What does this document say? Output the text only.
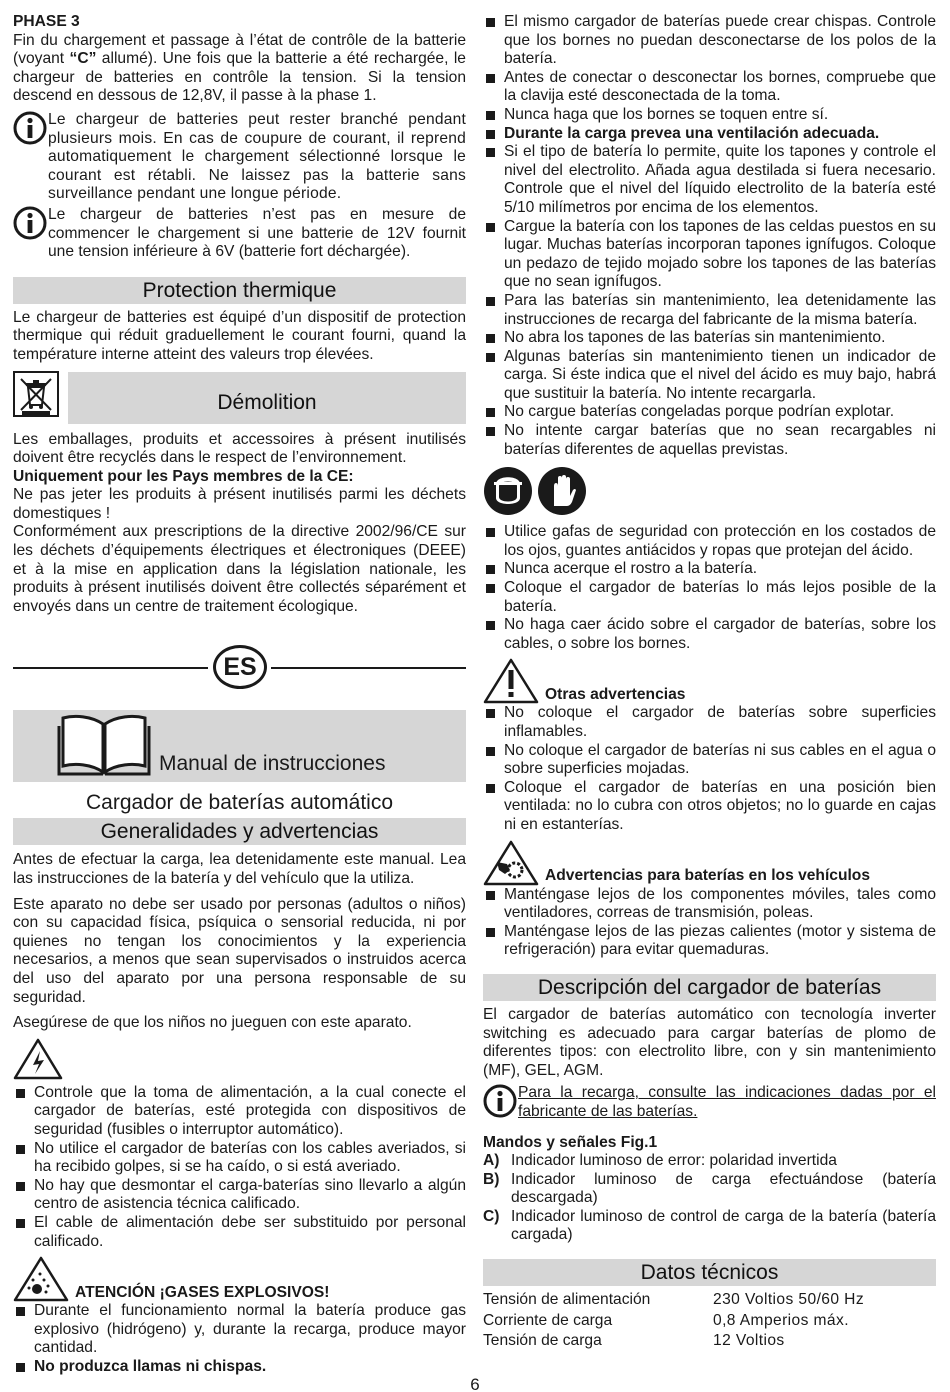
PHASE 3

Fin du chargement et passage à l’état de contrôle de la batterie (voyant “C” allumé). Une fois que la batterie a été rechargée, le chargeur de batteries en contrôle la tension. Si la tension descend en dessous de 12,8V, il passe à la phase 1.

Le chargeur de batteries peut rester branché pendant plusieurs mois. En cas de coupure de courant, il reprend automatiquement le chargement sélectionné lorsque le courant est rétabli. Ne laissez pas la batterie sans surveillance pendant une longue période.

Le chargeur de batteries n’est pas en mesure de commencer le chargement si une batterie de 12V fournit une tension inférieure à 6V (batterie fort déchargée).

Protection thermique

Le chargeur de batteries est équipé d’un dispositif de protection thermique qui réduit graduellement le courant fourni, quand la température interne atteint des valeurs trop élevées.

Démolition

Les emballages, produits et accessoires à présent inutilisés doivent être recyclés dans le respect de l’environnement.

Uniquement pour les Pays membres de la CE:

Ne pas jeter les produits à présent inutilisés parmi les déchets domestiques !

Conformément aux prescriptions de la directive 2002/96/CE sur les déchets d’équipements électriques et électroniques (DEEE) et à la mise en application dans la législation nationale, les produits à présent inutilisés doivent être collectés séparément et envoyés dans un centre de traitement écologique.

ES
Manual de instrucciones
Cargador de baterías automático
Generalidades y advertencias

Antes de efectuar la carga, lea detenidamente este manual. Lea las instrucciones de la batería y del vehículo que la utiliza.

Este aparato no debe ser usado por personas (adultos o niños) con su capacidad física, psíquica o sensorial reducida, ni por quienes no tengan los conocimientos y la experiencia necesarios, a menos que sean supervisados o instruidos acerca del uso del aparato por una persona responsable de su seguridad.

Asegúrese de que los niños no jueguen con este aparato.

Controle que la toma de alimentación, a la cual conecte el cargador de baterías, esté protegida con dispositivos de seguridad (fusibles o interruptor automático).
No utilice el cargador de baterías con los cables averiados, si ha recibido golpes, si se ha caído, o si está averiado.
No hay que desmontar el carga-baterías sino llevarlo a algún centro de asistencia técnica calificado.
El cable de alimentación debe ser substituido por personal calificado.
ATENCIÓN ¡GASES EXPLOSIVOS!
Durante el funcionamiento normal la batería produce gas explosivo (hidrógeno) y, durante la recarga, produce mayor cantidad.
No produzca llamas ni chispas.
El mismo cargador de baterías puede crear chispas. Controle que los bornes no puedan desconectarse de los polos de la batería.
Antes de conectar o desconectar los bornes, compruebe que la clavija esté desconectada de la toma.
Nunca haga que los bornes se toquen entre sí.
Durante la carga prevea una ventilación adecuada.
Si el tipo de batería lo permite, quite los tapones y controle el nivel del electrolito. Añada agua destilada si fuera necesario. Controle que el nivel del líquido electrolito de la batería esté 5/10 milímetros por encima de los elementos.
Cargue la batería con los tapones de las celdas puestos en su lugar. Muchas baterías incorporan tapones ignífugos. Coloque un pedazo de tejido mojado sobre los tapones de las baterías que no sean ignífugos.
Para las baterías sin mantenimiento, lea detenidamente las instrucciones de recarga del fabricante de la misma batería.
No abra los tapones de las baterías sin mantenimiento.
Algunas baterías sin mantenimiento tienen un indicador de carga. Si éste indica que el nivel del ácido es muy bajo, habrá que sustituir la batería. No intente recargarla.
No cargue baterías congeladas porque podrían explotar.
No intente cargar baterías que no sean recargables ni baterías diferentes de aquellas previstas.
Utilice gafas de seguridad con protección en los costados de los ojos, guantes antiácidos y ropas que protejan del ácido.
Nunca acerque el rostro a la batería.
Coloque el cargador de baterías lo más lejos posible de la batería.
No haga caer ácido sobre el cargador de baterías, sobre los cables, o sobre los bornes.
Otras advertencias
No coloque el cargador de baterías sobre superficies inflamables.
No coloque el cargador de baterías ni sus cables en el agua o sobre superficies mojadas.
Coloque el cargador de baterías en una posición bien ventilada: no lo cubra con otros objetos; no lo guarde en cajas ni en estanterías.
Advertencias para baterías en los vehículos
Manténgase lejos de los componentes móviles, tales como ventiladores, correas de transmisión, poleas.
Manténgase lejos de las piezas calientes (motor y sistema de refrigeración) para evitar quemaduras.
Descripción del cargador de baterías

El cargador de baterías automático con tecnología inverter switching es adecuado para cargar baterías de plomo de diferentes tipos: con electrolito libre, con y sin mantenimiento (MF), GEL, AGM.

Para la recarga, consulte las indicaciones dadas por el fabricante de las baterías.

Mandos y señales Fig.1

A) Indicador luminoso de error: polaridad invertida
B) Indicador luminoso de carga efectuándose (batería descargada)
C) Indicador luminoso de control de carga de la batería (batería cargada)
Datos técnicos
Tensión de alimentación	230 Voltios 50/60 Hz
Corriente de carga	0,8 Amperios máx.
Tensión de carga	12 Voltios
6
